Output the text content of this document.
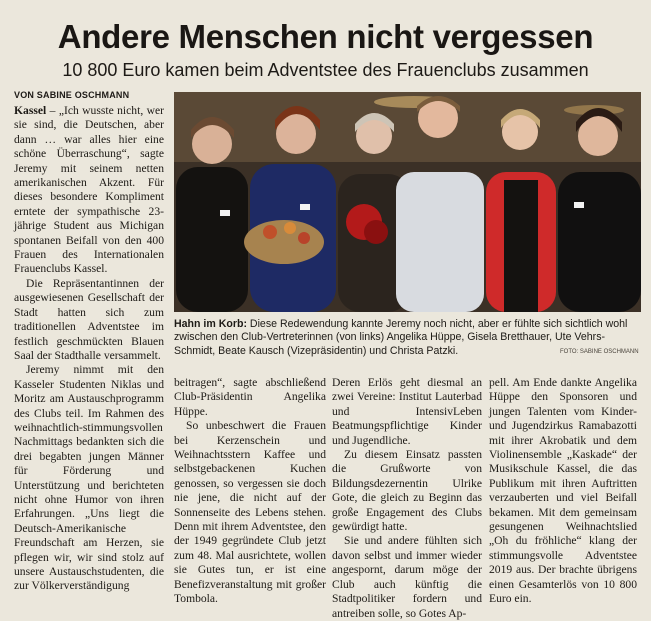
Andere Menschen nicht vergessen
10 800 Euro kamen beim Adventstee des Frauenclubs zusammen
VON SABINE OSCHMANN

Kassel – „Ich wusste nicht, wer sie sind, die Deutschen, aber dann … war alles hier eine schöne Überraschung“, sagte Jeremy mit seinem netten amerikanischen Akzent. Für dieses besondere Kompliment erntete der sympathische 23-jährige Student aus Michigan spontanen Beifall von den 400 Frauen des Internationalen Frauenclubs Kassel.

Die Repräsentantinnen der ausgewiesenen Gesellschaft der Stadt hatten sich zum traditionellen Adventstee im festlich geschmückten Blauen Saal der Stadthalle versammelt.

Jeremy nimmt mit den Kasseler Studenten Niklas und Moritz am Austauschprogramm des Clubs teil. Im Rahmen des weihnachtlich-stimmungsvollen Nachmittags bedankten sich die drei begabten jungen Männer für Förderung und Unterstützung und berichteten nicht ohne Humor von ihren Erfahrungen. „Uns liegt die Deutsch-Amerikanische Freundschaft am Herzen, sie pflegen wir, wir sind stolz auf unsere Austauschstudenten, die zur Völkerverständigung

Hahn im Korb: Diese Redewendung kannte Jeremy noch nicht, aber er fühlte sich sichtlich wohl zwischen den Club-Vertreterinnen (von links) Angelika Hüppe, Gisela Bretthauer, Ute Vehrs-Schmidt, Beate Kausch (Vizepräsidentin) und Christa Patzki.	FOTO: SABINE OSCHMANN

beitragen“, sagte abschließend Club-Präsidentin Angelika Hüppe.

So unbeschwert die Frauen bei Kerzenschein und Weihnachtsstern Kaffee und selbstgebackenen Kuchen genossen, so vergessen sie doch nie jene, die nicht auf der Sonnenseite des Lebens stehen. Denn mit ihrem Adventstee, den der 1949 gegründete Club jetzt zum 48. Mal ausrichtete, wollen sie Gutes tun, er ist eine Benefizveranstaltung mit großer Tombola.

Deren Erlös geht diesmal an zwei Vereine: Institut Lauterbad und IntensivLeben Beatmungspflichtige Kinder und Jugendliche.

Zu diesem Einsatz passten die Grußworte von Bildungsdezernentin Ulrike Gote, die gleich zu Beginn das große Engagement des Clubs gewürdigt hatte.

Sie und andere fühlten sich davon selbst und immer wieder angespornt, darum möge der Club auch künftig die Stadtpolitiker fordern und antreiben solle, so Gotes Ap-

pell. Am Ende dankte Angelika Hüppe den Sponsoren und jungen Talenten vom Kinder- und Jugendzirkus Ramabazotti mit ihrer Akrobatik und dem Violinensemble „Kaskade“ der Musikschule Kassel, die das Publikum mit ihren Auftritten verzauberten und viel Beifall bekamen. Mit dem gemeinsam gesungenen Weihnachtslied „Oh du fröhliche“ klang der stimmungsvolle Adventstee 2019 aus. Der brachte übrigens einen Gesamterlös von 10 800 Euro ein.
